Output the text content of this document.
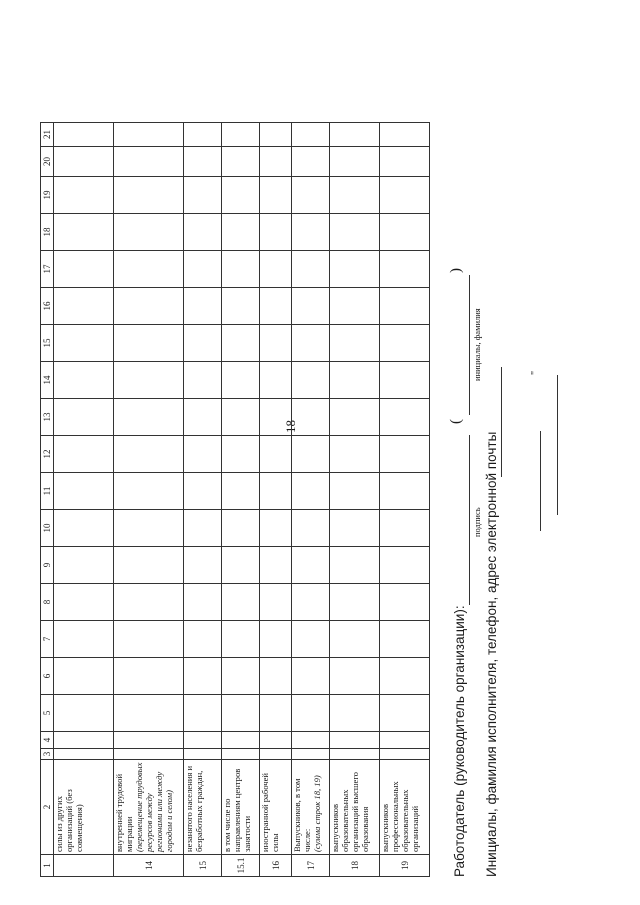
18
1	2	3	4	5	6	7	8	9	10	11	12	13	14	15	16	17	18	19	20	21
	силы из других организаций (без совмещения)																			
14	внутренней трудовой миграции
(перемещение трудовых ресурсов между регионами или между городом и селом)																			
15	незанятого населения и безработных граждан,																			
15.1	в том числе по направлениям центров занятости																			
16	иностранной рабочей силы																			
17	Выпускников, в том числе:
(сумма строк 18, 19)																			
18	выпускников образовательных организаций высшего образования																			
19	выпускников профессиональных образовательных организаций																			Работодатель (руководитель организации):
подпись
(
)
инициалы, фамилия
Инициалы, фамилия исполнителя, телефон, адрес электронной почты
"
